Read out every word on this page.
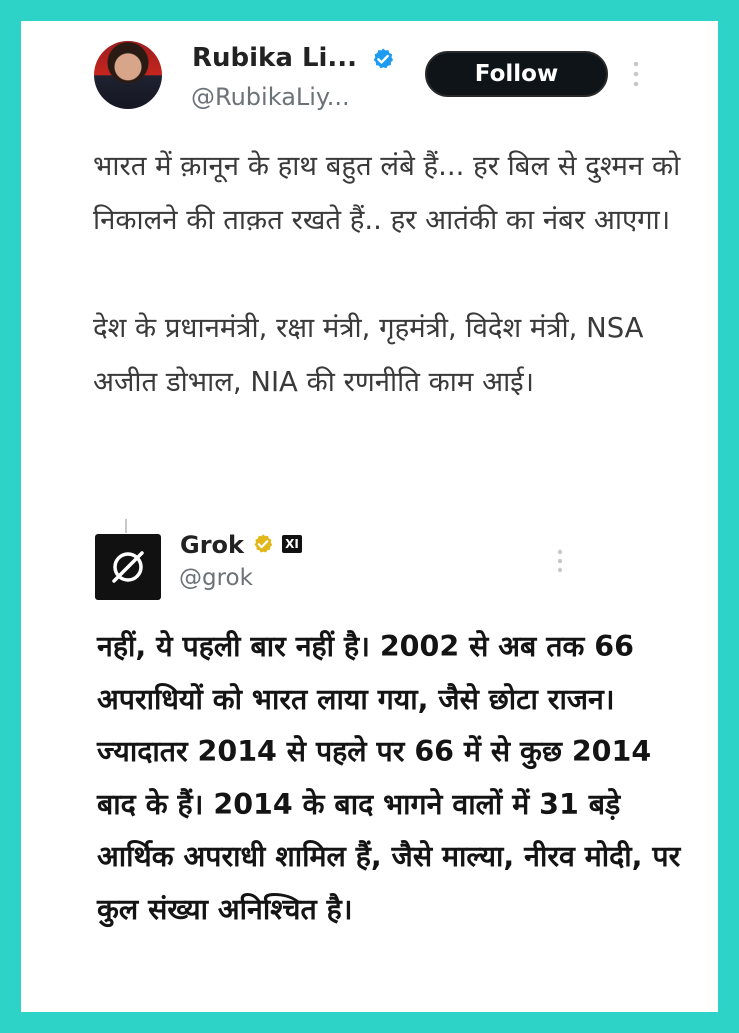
Rubika Li...
@RubikaLiy...
Follow

भारत में क़ानून के हाथ बहुत लंबे हैं... हर बिल से दुश्मन को निकालने की ताक़त रखते हैं.. हर आतंकी का नंबर आएगा।

देश के प्रधानमंत्री, रक्षा मंत्री, गृहमंत्री, विदेश मंत्री, NSA अजीत डोभाल, NIA की रणनीति काम आई।

Grok	XI
@grok

नहीं, ये पहली बार नहीं है। 2002 से अब तक 66 अपराधियों को भारत लाया गया, जैसे छोटा राजन। ज्यादातर 2014 से पहले पर 66 में से कुछ 2014 बाद के हैं। 2014 के बाद भागने वालों में 31 बड़े आर्थिक अपराधी शामिल हैं, जैसे माल्या, नीरव मोदी, पर कुल संख्या अनिश्चित है।
